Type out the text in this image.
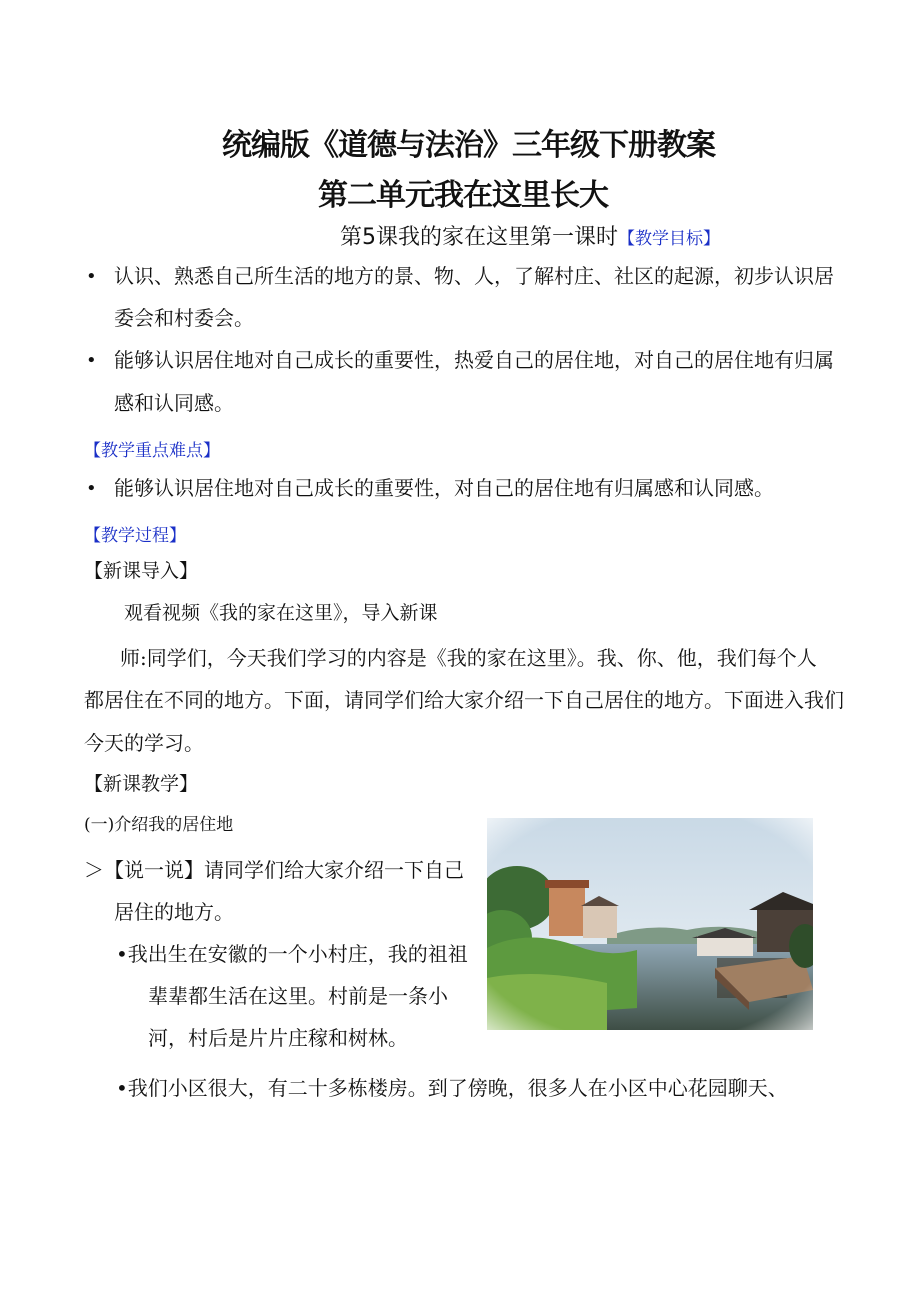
统编版《道德与法治》三年级下册教案
第二单元我在这里长大
第5课我的家在这里第一课时【教学目标】
• 认识、熟悉自己所生活的地方的景、物、人，了解村庄、社区的起源，初步认识居
委会和村委会。
• 能够认识居住地对自己成长的重要性，热爱自己的居住地，对自己的居住地有归属
感和认同感。
【教学重点难点】
• 能够认识居住地对自己成长的重要性，对自己的居住地有归属感和认同感。
【教学过程】
【新课导入】
观看视频《我的家在这里》，导入新课
师:同学们，今天我们学习的内容是《我的家在这里》。我、你、他，我们每个人
都居住在不同的地方。下面，请同学们给大家介绍一下自己居住的地方。下面进入我们
今天的学习。
【新课教学】
(一)介绍我的居住地
＞【说一说】请同学们给大家介绍一下自己
居住的地方。
•我出生在安徽的一个小村庄，我的祖祖
辈辈都生活在这里。村前是一条小
河，村后是片片庄稼和树林。
•我们小区很大，有二十多栋楼房。到了傍晚，很多人在小区中心花园聊天、
